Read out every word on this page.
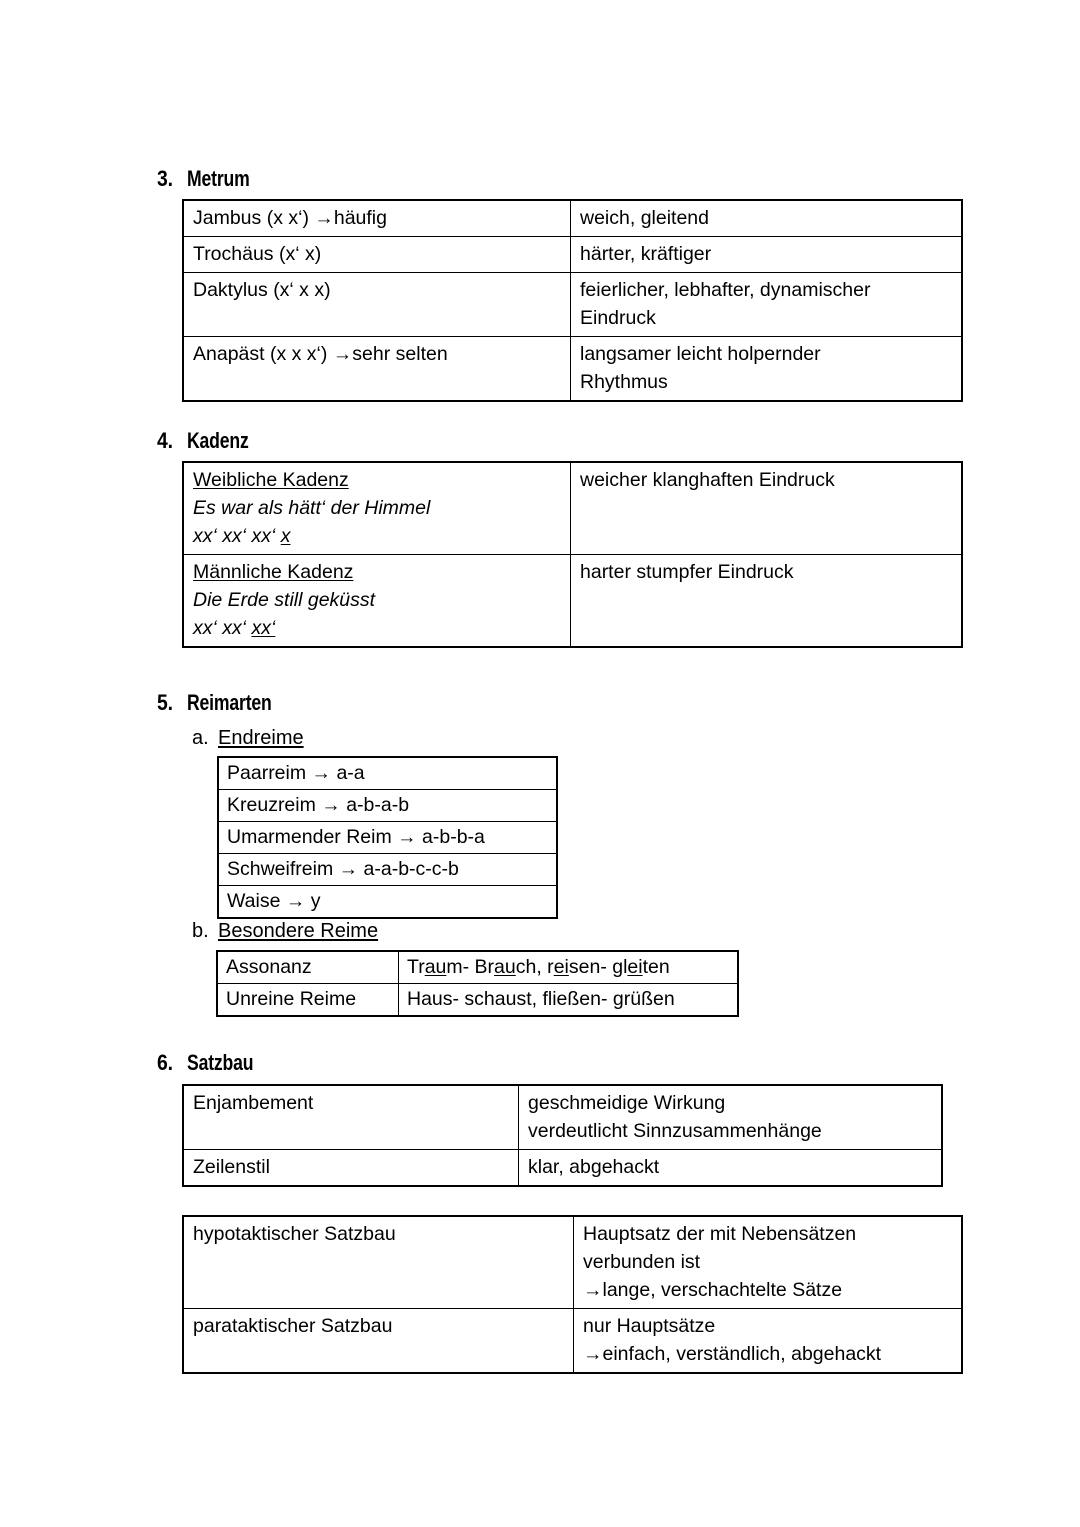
3. Metrum
Jambus (x x‘) →häufig	weich, gleitend

Trochäus (x‘ x)	härter, kräftiger

Daktylus (x‘ x x)	feierlicher, lebhafter, dynamischer
Eindruck

Anapäst (x x x‘) →sehr selten	langsamer leicht holpernder
Rhythmus
4. Kadenz
Weibliche Kadenz
Es war als hätt‘ der Himmel
xx‘ xx‘ xx‘ x	weicher klanghaften Eindruck

Männliche Kadenz
Die Erde still geküsst
xx‘ xx‘ xx‘	harter stumpfer Eindruck
5. Reimarten
a. Endreime
Paarreim → a-a

Kreuzreim → a-b-a-b

Umarmender Reim → a-b-b-a

Schweifreim → a-a-b-c-c-b

Waise → y
b. Besondere Reime
Assonanz	Traum- Brauch, reisen- gleiten

Unreine Reime	Haus- schaust, fließen- grüßen
6. Satzbau
Enjambement	geschmeidige Wirkung
verdeutlicht Sinnzusammenhänge

Zeilenstil	klar, abgehackt
hypotaktischer Satzbau	Hauptsatz der mit Nebensätzen
verbunden ist
→lange, verschachtelte Sätze

parataktischer Satzbau	nur Hauptsätze
→einfach, verständlich, abgehackt
